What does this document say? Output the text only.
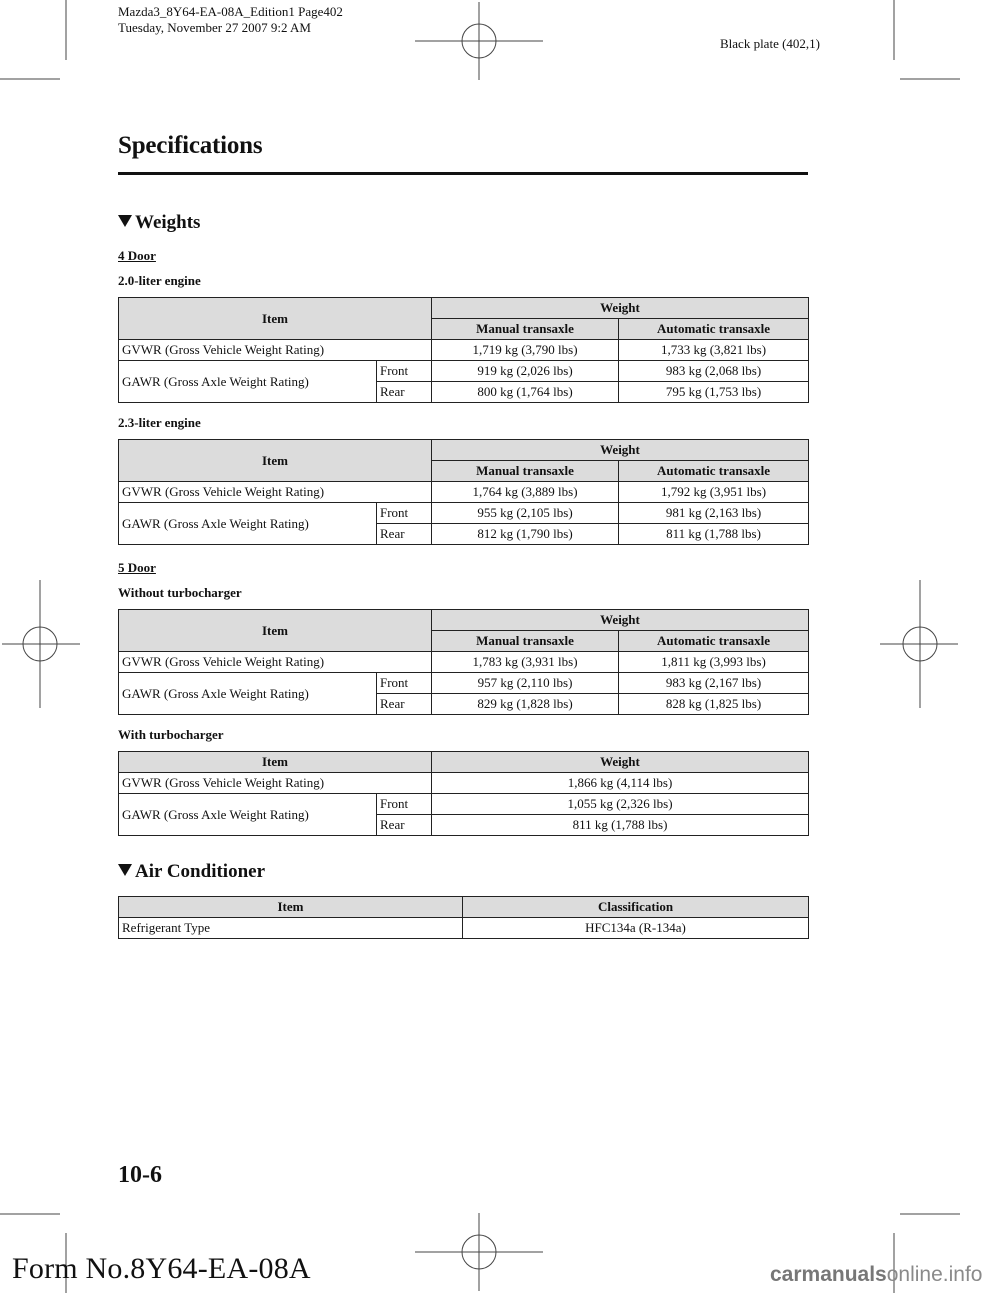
Mazda3_8Y64-EA-08A_Edition1 Page402
Tuesday, November 27 2007 9:2 AM
Black plate (402,1)
Specifications
Weights
4 Door
2.0-liter engine
Item		Weight	
		Manual transaxle	Automatic transaxle
GVWR (Gross Vehicle Weight Rating)		1,719 kg (3,790 lbs)	1,733 kg (3,821 lbs)
GAWR (Gross Axle Weight Rating)	Front	919 kg (2,026 lbs)	983 kg (2,068 lbs)
	Rear	800 kg (1,764 lbs)	795 kg (1,753 lbs)
2.3-liter engine
Item		Weight	
		Manual transaxle	Automatic transaxle
GVWR (Gross Vehicle Weight Rating)		1,764 kg (3,889 lbs)	1,792 kg (3,951 lbs)
GAWR (Gross Axle Weight Rating)	Front	955 kg (2,105 lbs)	981 kg (2,163 lbs)
	Rear	812 kg (1,790 lbs)	811 kg (1,788 lbs)
5 Door
Without turbocharger
Item		Weight	
		Manual transaxle	Automatic transaxle
GVWR (Gross Vehicle Weight Rating)		1,783 kg (3,931 lbs)	1,811 kg (3,993 lbs)
GAWR (Gross Axle Weight Rating)	Front	957 kg (2,110 lbs)	983 kg (2,167 lbs)
	Rear	829 kg (1,828 lbs)	828 kg (1,825 lbs)
With turbocharger
Item		Weight
GVWR (Gross Vehicle Weight Rating)		1,866 kg (4,114 lbs)
GAWR (Gross Axle Weight Rating)	Front	1,055 kg (2,326 lbs)
	Rear	811 kg (1,788 lbs)
Air Conditioner
Item	Classification
Refrigerant Type	HFC134a (R-134a)
10-6
Form No.8Y64-EA-08A	carmanualsonline.info
